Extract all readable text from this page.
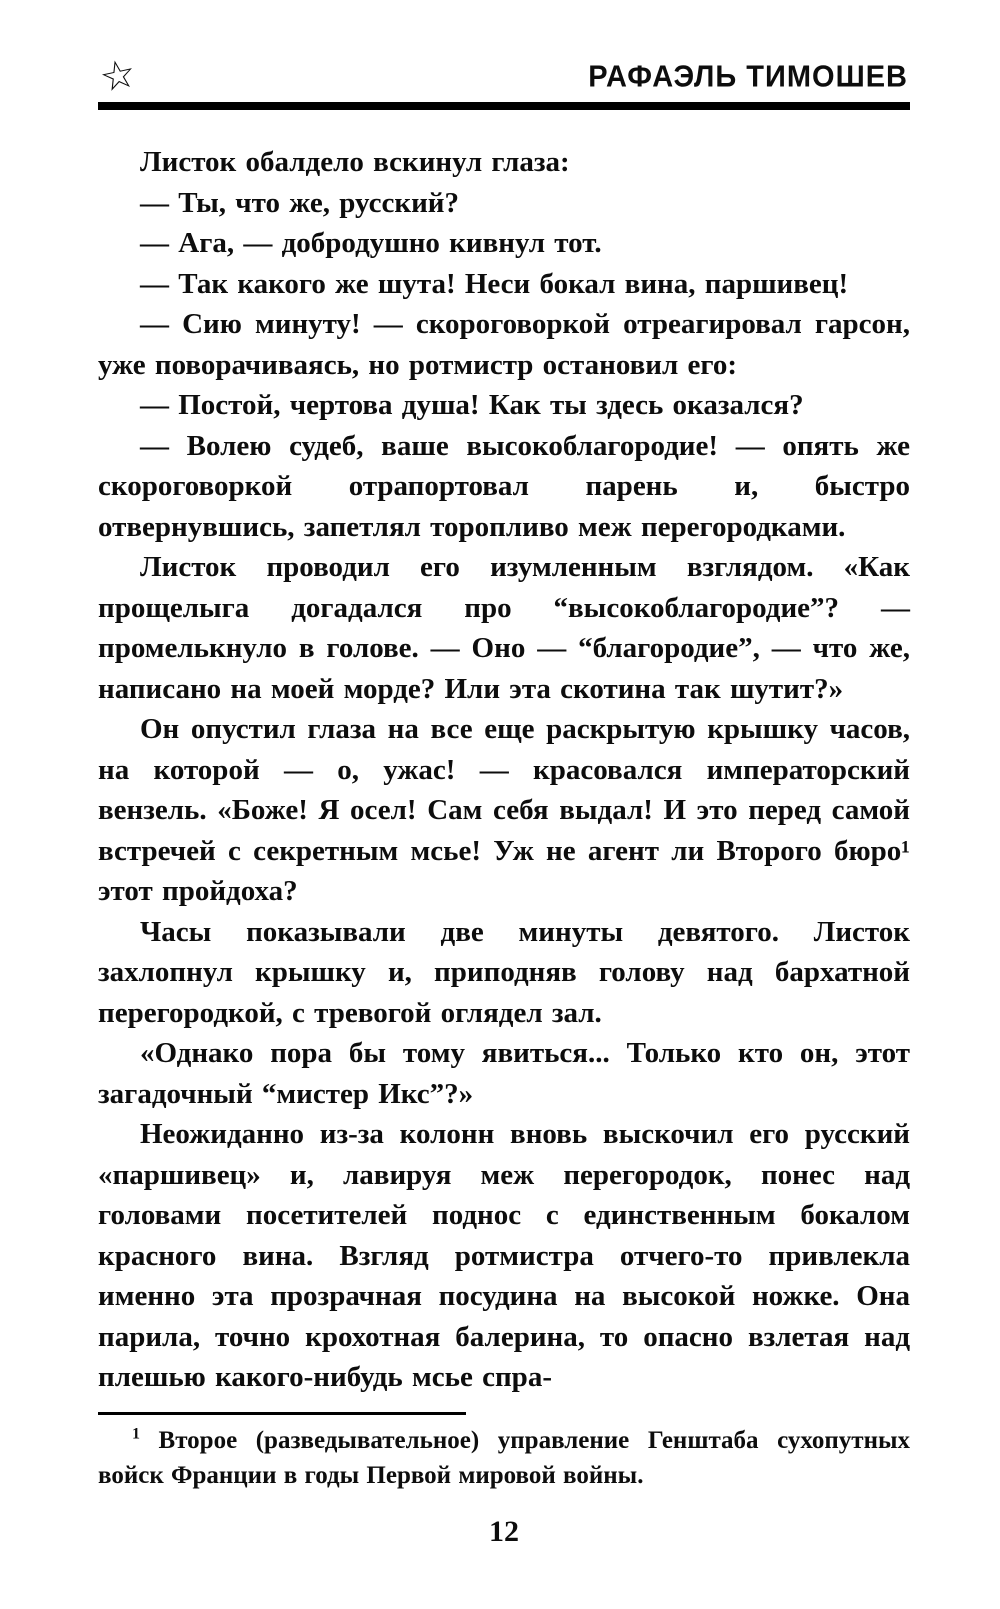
☆	РАФАЭЛЬ ТИМОШЕВ

Листок обалдело вскинул глаза:

— Ты, что же, русский?

— Ага, — добродушно кивнул тот.

— Так какого же шута! Неси бокал вина, паршивец!

— Сию минуту! — скороговоркой отреагировал гарсон, уже поворачиваясь, но ротмистр остановил его:

— Постой, чертова душа! Как ты здесь оказался?

— Волею судеб, ваше высокоблагородие! — опять же скороговоркой отрапортовал парень и, быстро отвернувшись, запетлял торопливо меж перегородками.

Листок проводил его изумленным взглядом. «Как прощелыга догадался про “высокоблагородие”? — промелькнуло в голове. — Оно — “благородие”, — что же, написано на моей морде? Или эта скотина так шутит?»

Он опустил глаза на все еще раскрытую крышку часов, на которой — о, ужас! — красовался императорский вензель. «Боже! Я осел! Сам себя выдал! И это перед самой встречей с секретным мсье! Уж не агент ли Второго бюро¹ этот пройдоха?

Часы показывали две минуты девятого. Листок захлопнул крышку и, приподняв голову над бархатной перегородкой, с тревогой оглядел зал.

«Однако пора бы тому явиться... Только кто он, этот загадочный “мистер Икс”?»

Неожиданно из-за колонн вновь выскочил его русский «паршивец» и, лавируя меж перегородок, понес над головами посетителей поднос с единственным бокалом красного вина. Взгляд ротмистра отчего-то привлекла именно эта прозрачная посудина на высокой ножке. Она парила, точно крохотная балерина, то опасно взлетая над плешью какого-нибудь мсье спра-

$^1$ Второе (разведывательное) управление Генштаба сухопутных войск Франции в годы Первой мировой войны.

12
